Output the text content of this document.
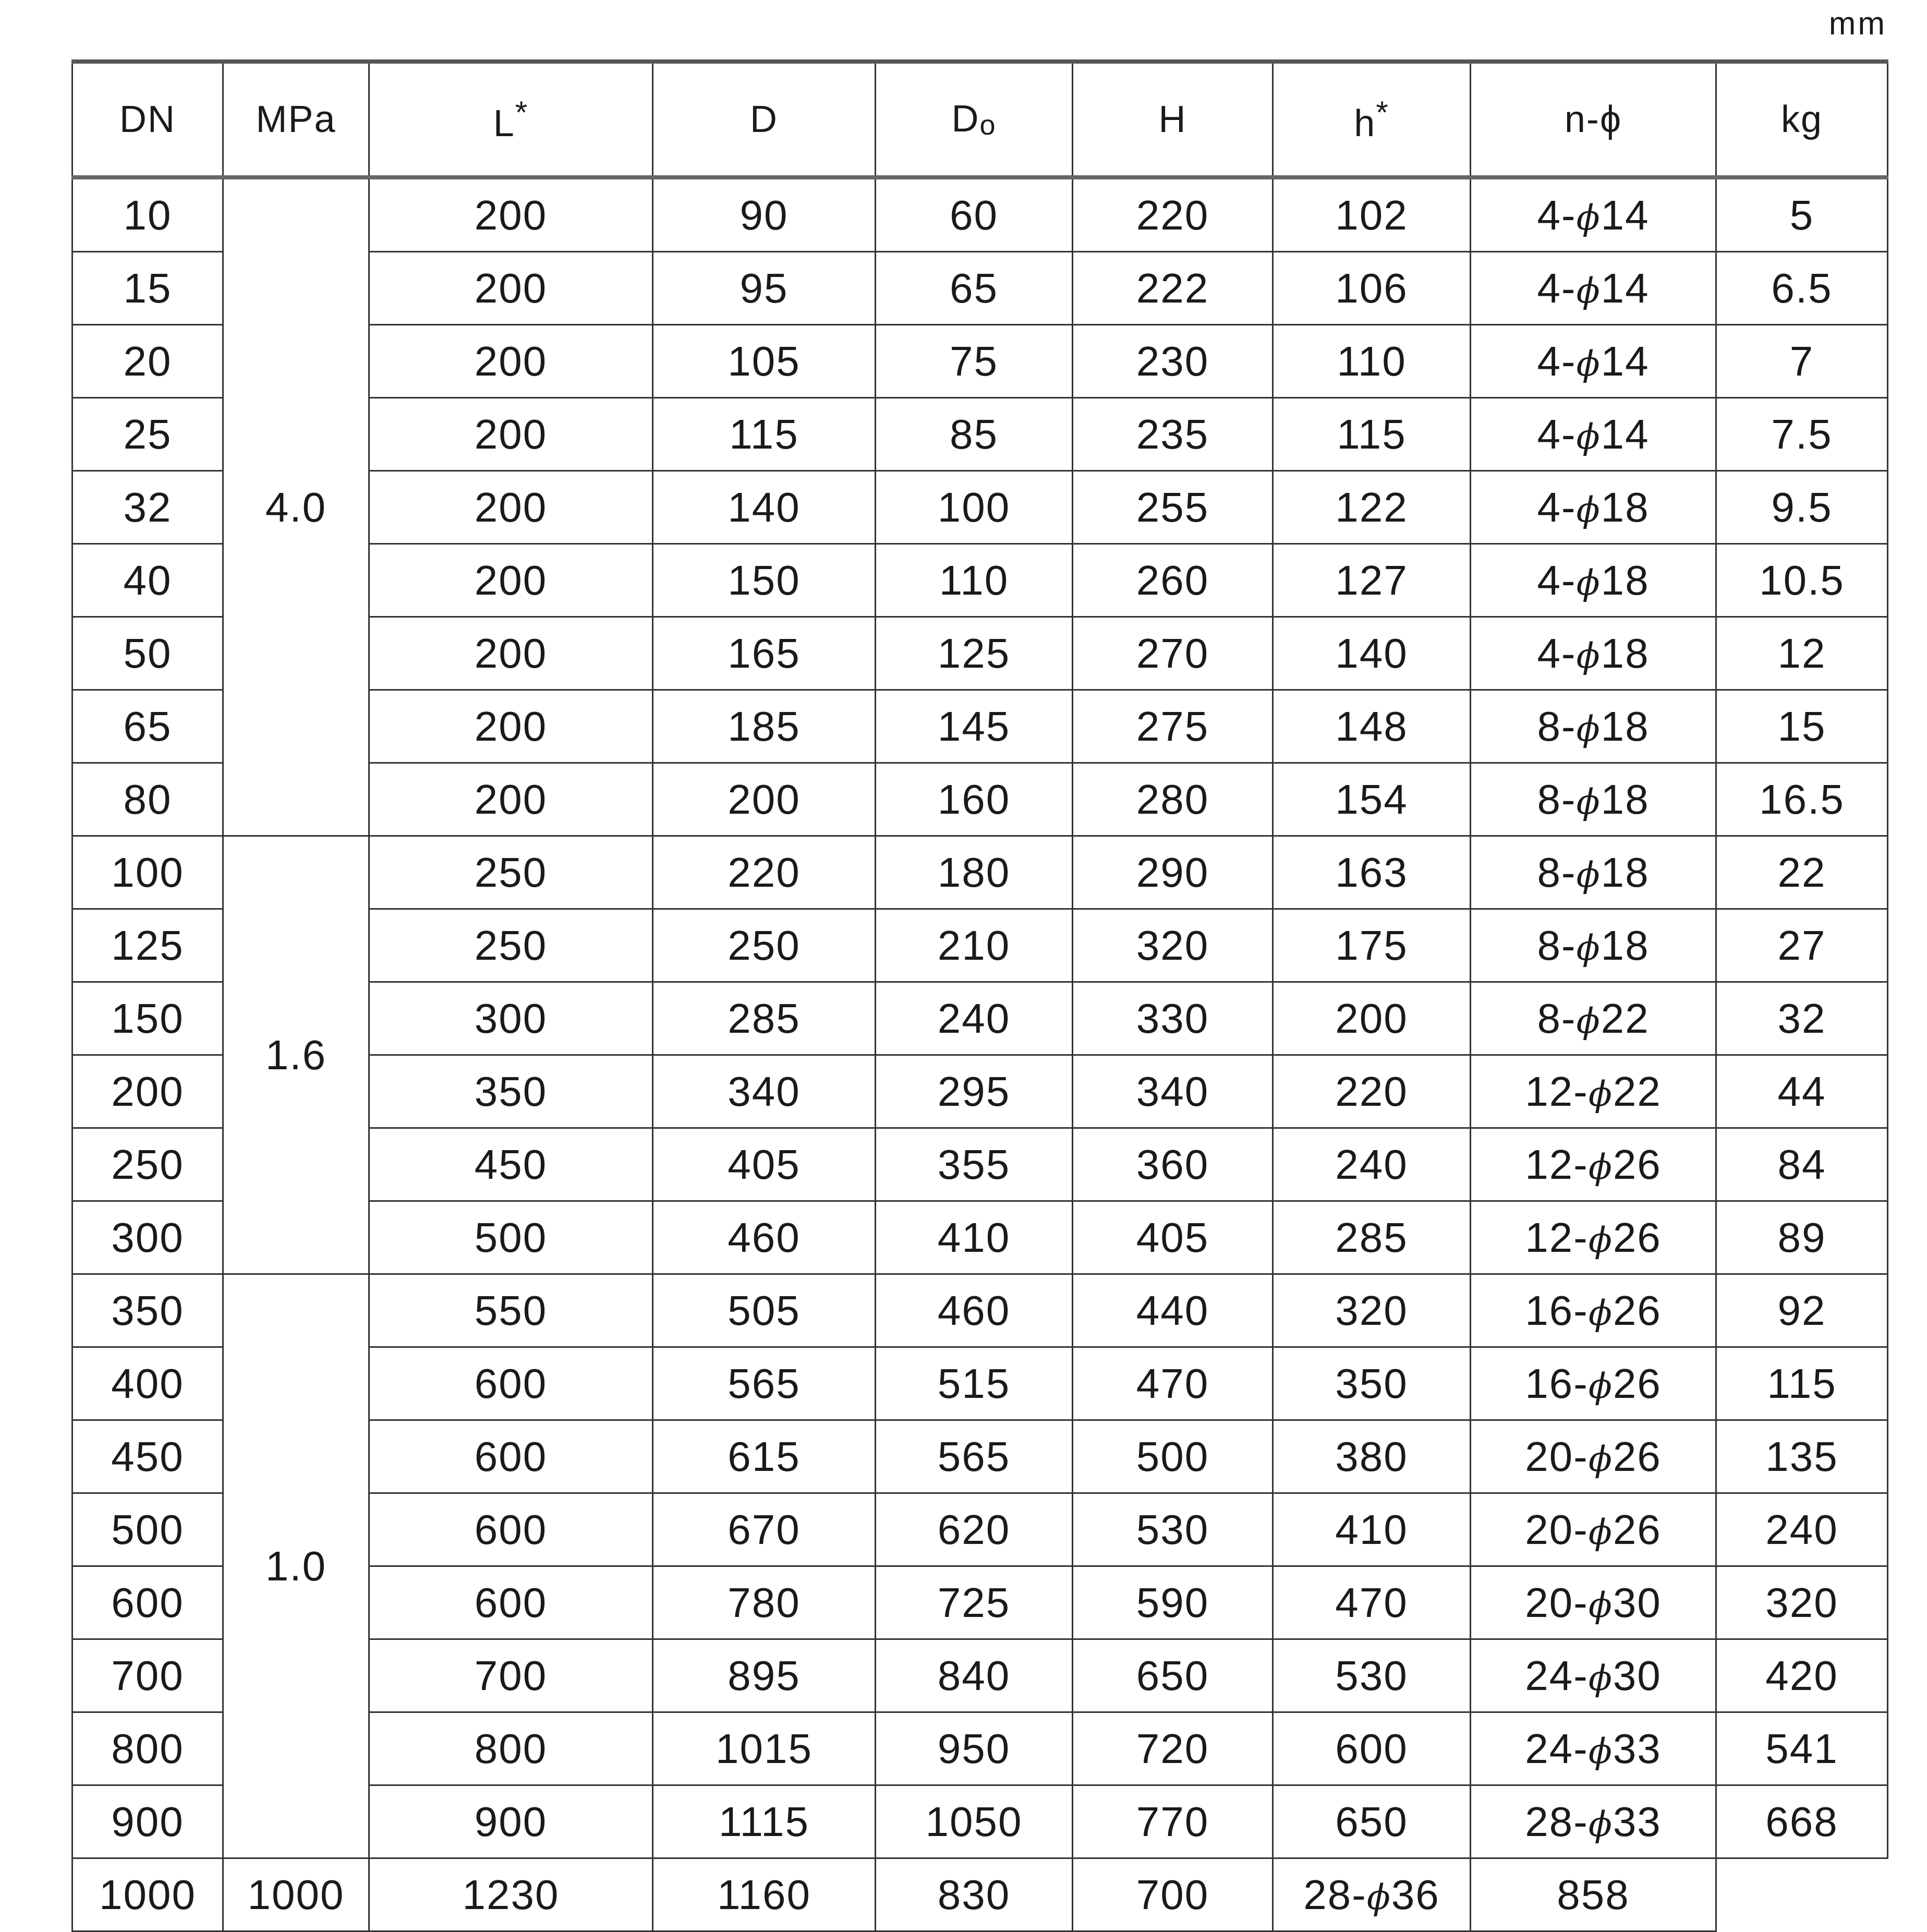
mm
DN	MPa	L*	D	$D_o$	H	h*	n-ϕ	kg
10	4.0	200	90	60	220	102	4-ϕ14	5
15		200	95	65	222	106	4-ϕ14	6.5
20		200	105	75	230	110	4-ϕ14	7
25		200	115	85	235	115	4-ϕ14	7.5
32		200	140	100	255	122	4-ϕ18	9.5
40		200	150	110	260	127	4-ϕ18	10.5
50		200	165	125	270	140	4-ϕ18	12
65		200	185	145	275	148	8-ϕ18	15
80		200	200	160	280	154	8-ϕ18	16.5
100	1.6	250	220	180	290	163	8-ϕ18	22
125		250	250	210	320	175	8-ϕ18	27
150		300	285	240	330	200	8-ϕ22	32
200		350	340	295	340	220	12-ϕ22	44
250		450	405	355	360	240	12-ϕ26	84
300		500	460	410	405	285	12-ϕ26	89
350	1.0	550	505	460	440	320	16-ϕ26	92
400		600	565	515	470	350	16-ϕ26	115
450		600	615	565	500	380	20-ϕ26	135
500		600	670	620	530	410	20-ϕ26	240
600		600	780	725	590	470	20-ϕ30	320
700		700	895	840	650	530	24-ϕ30	420
800		800	1015	950	720	600	24-ϕ33	541
900		900	1115	1050	770	650	28-ϕ33	668
1000	1000	1230	1160	830	700	28-ϕ36	858	
